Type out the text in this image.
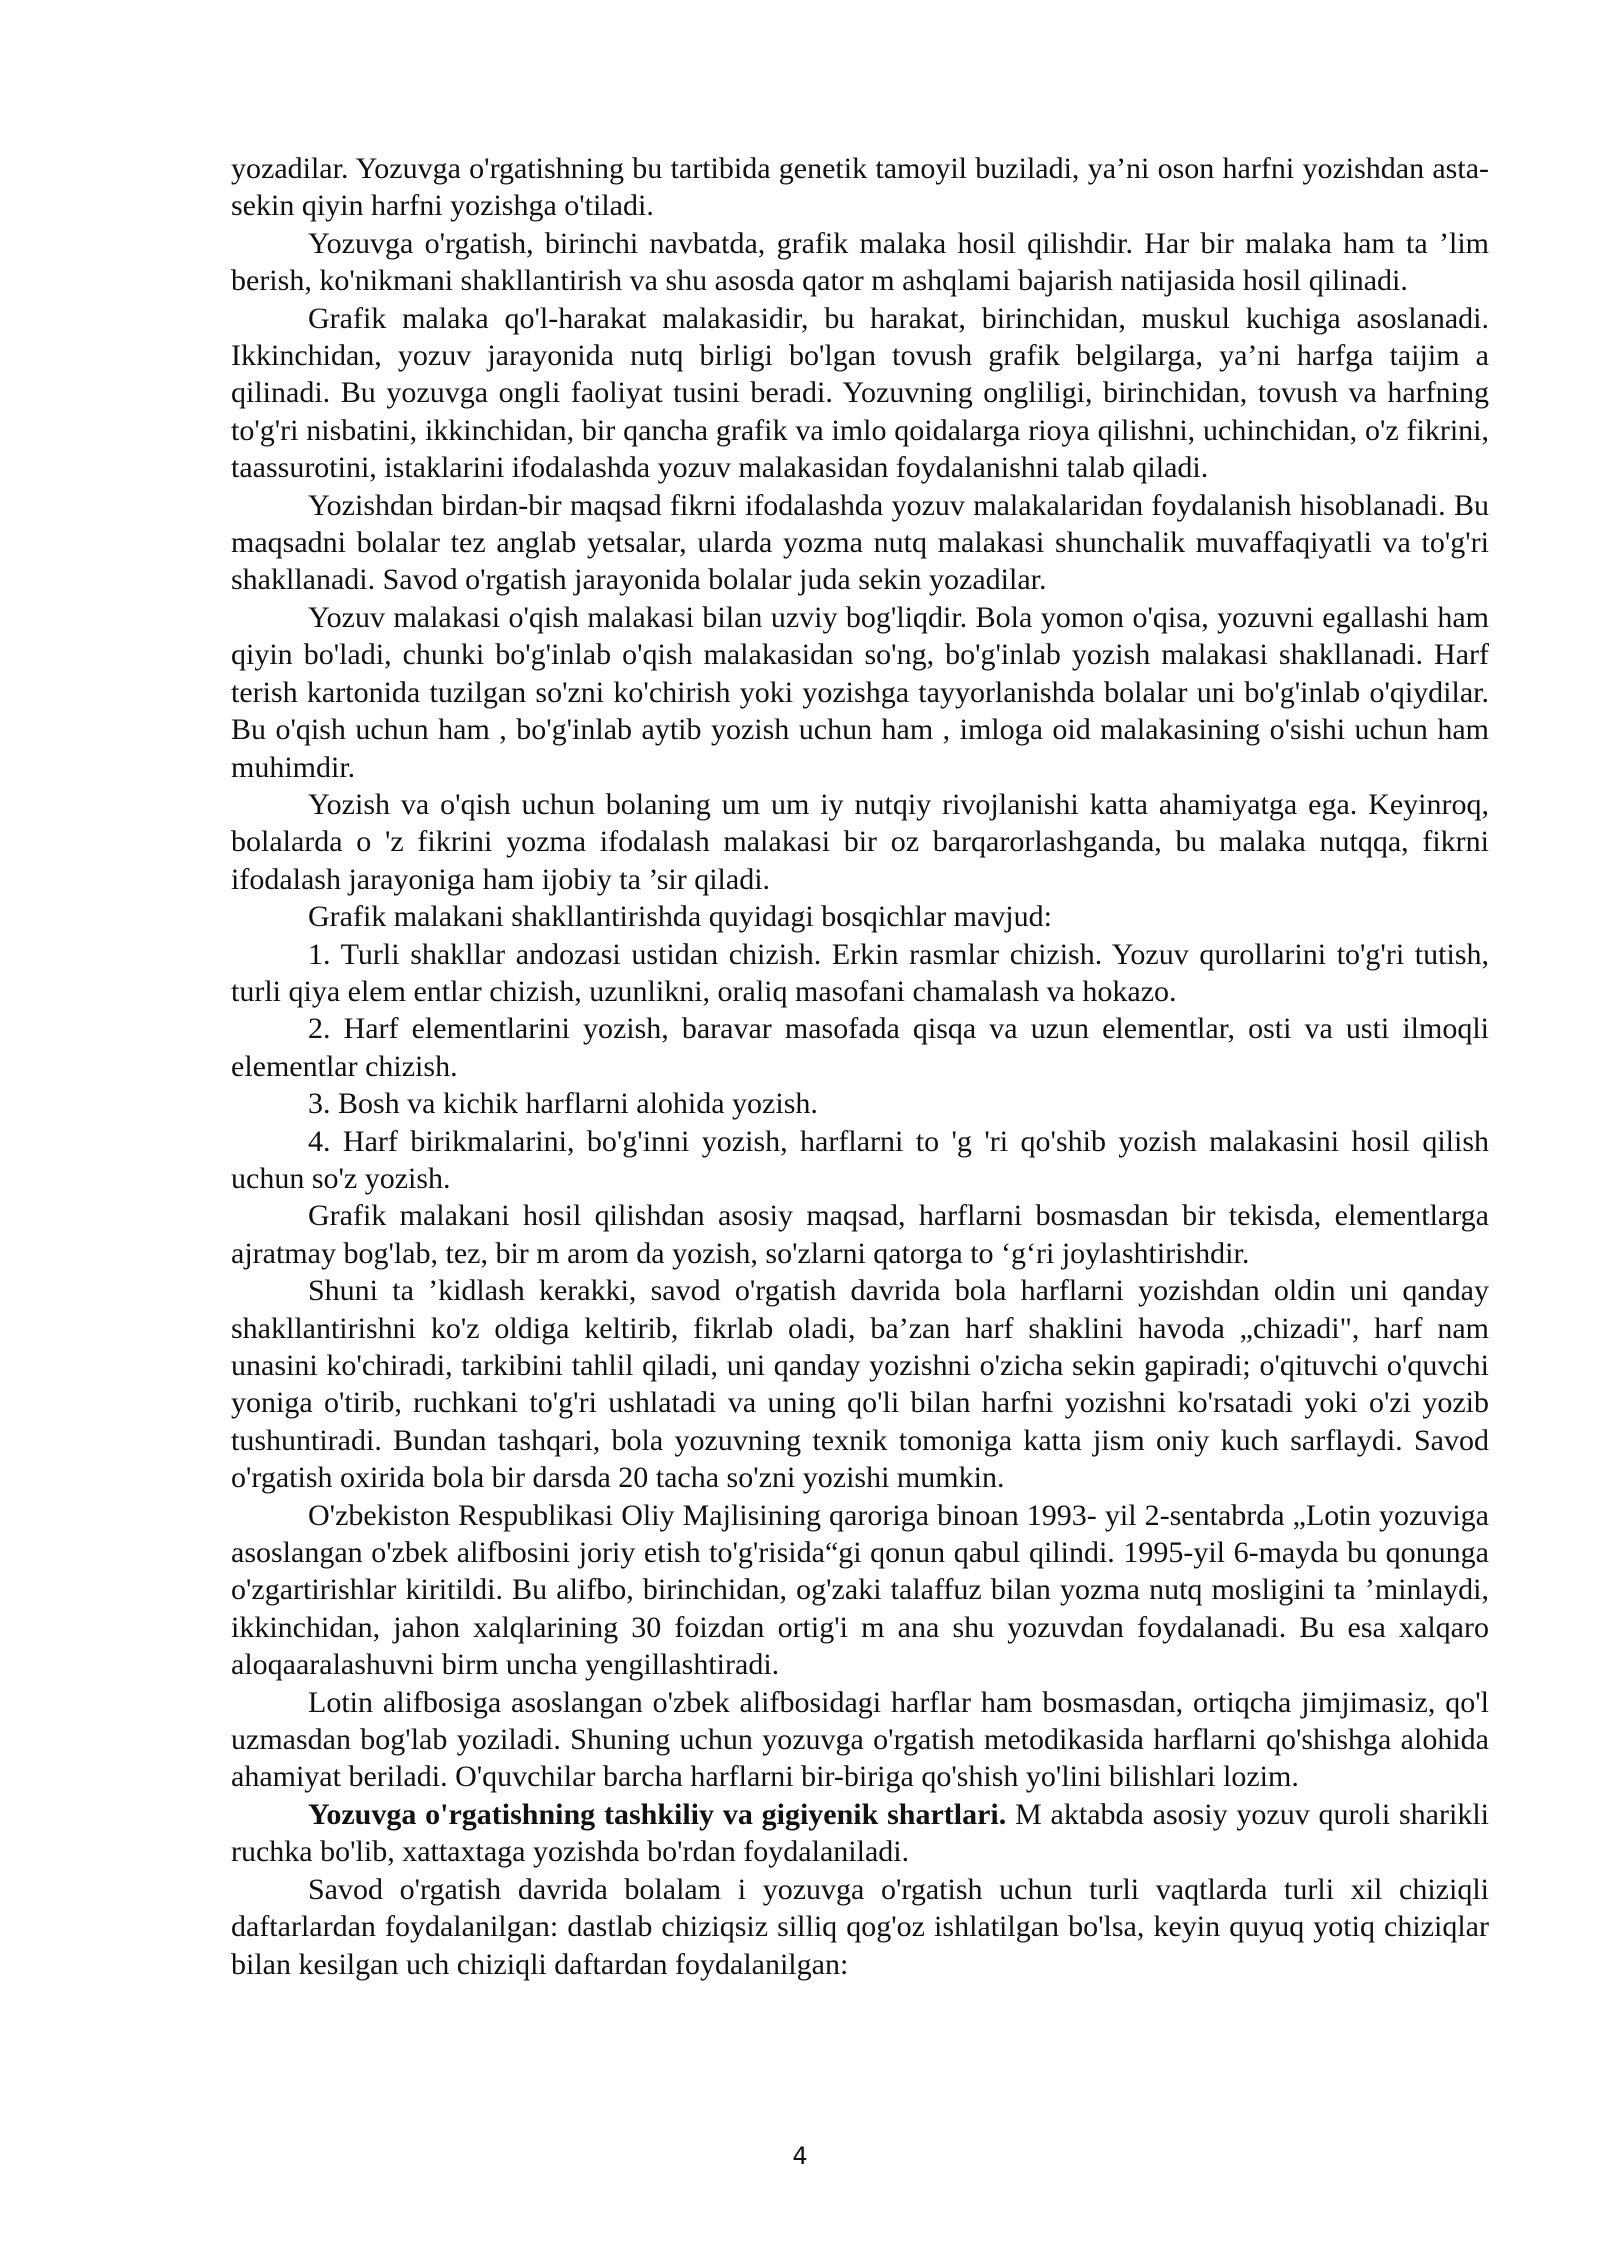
yozadilar. Yozuvga o'rgatishning bu tartibida genetik tamoyil buziladi, ya’ni oson harfni yozishdan asta-sekin qiyin harfni yozishga o'tiladi.

Yozuvga o'rgatish, birinchi navbatda, grafik malaka hosil qilishdir. Har bir malaka ham ta ’lim berish, ko'nikmani shakllantirish va shu asosda qator m ashqlami bajarish natijasida hosil qilinadi.

Grafik malaka qo'l-harakat malakasidir, bu harakat, birinchidan, muskul kuchiga asoslanadi. Ikkinchidan, yozuv jarayonida nutq birligi bo'lgan tovush grafik belgilarga, ya’ni harfga taijim a qilinadi. Bu yozuvga ongli faoliyat tusini beradi. Yozuvning ongliligi, birinchidan, tovush va harfning to'g'ri nisbatini, ikkinchidan, bir qancha grafik va imlo qoidalarga rioya qilishni, uchinchidan, o'z fikrini, taassurotini, istaklarini ifodalashda yozuv malakasidan foydalanishni talab qiladi.

Yozishdan birdan-bir maqsad fikrni ifodalashda yozuv malakalaridan foydalanish hisoblanadi. Bu maqsadni bolalar tez anglab yetsalar, ularda yozma nutq malakasi shunchalik muvaffaqiyatli va to'g'ri shakllanadi. Savod o'rgatish jarayonida bolalar juda sekin yozadilar.

Yozuv malakasi o'qish malakasi bilan uzviy bog'liqdir. Bola yomon o'qisa, yozuvni egallashi ham qiyin bo'ladi, chunki bo'g'inlab o'qish malakasidan so'ng, bo'g'inlab yozish malakasi shakllanadi. Harf terish kartonida tuzilgan so'zni ko'chirish yoki yozishga tayyorlanishda bolalar uni bo'g'inlab o'qiydilar. Bu o'qish uchun ham , bo'g'inlab aytib yozish uchun ham , imloga oid malakasining o'sishi uchun ham muhimdir.

Yozish va o'qish uchun bolaning um um iy nutqiy rivojlanishi katta ahamiyatga ega. Keyinroq, bolalarda o 'z fikrini yozma ifodalash malakasi bir oz barqarorlashganda, bu malaka nutqqa, fikrni ifodalash jarayoniga ham ijobiy ta ’sir qiladi.

Grafik malakani shakllantirishda quyidagi bosqichlar mavjud:

1. Turli shakllar andozasi ustidan chizish. Erkin rasmlar chizish. Yozuv qurollarini to'g'ri tutish, turli qiya elem entlar chizish, uzunlikni, oraliq masofani chamalash va hokazo.

2. Harf elementlarini yozish, baravar masofada qisqa va uzun elementlar, osti va usti ilmoqli elementlar chizish.

3. Bosh va kichik harflarni alohida yozish.

4. Harf birikmalarini, bo'g'inni yozish, harflarni to 'g 'ri qo'shib yozish malakasini hosil qilish uchun so'z yozish.

Grafik malakani hosil qilishdan asosiy maqsad, harflarni bosmasdan bir tekisda, elementlarga ajratmay bog'lab, tez, bir m arom da yozish, so'zlarni qatorga to ‘g‘ri joylashtirishdir.

Shuni ta ’kidlash kerakki, savod o'rgatish davrida bola harflarni yozishdan oldin uni qanday shakllantirishni ko'z oldiga keltirib, fikrlab oladi, ba’zan harf shaklini havoda „chizadi", harf nam unasini ko'chiradi, tarkibini tahlil qiladi, uni qanday yozishni o'zicha sekin gapiradi; o'qituvchi o'quvchi yoniga o'tirib, ruchkani to'g'ri ushlatadi va uning qo'li bilan harfni yozishni ko'rsatadi yoki o'zi yozib tushuntiradi. Bundan tashqari, bola yozuvning texnik tomoniga katta jism oniy kuch sarflaydi. Savod o'rgatish oxirida bola bir darsda 20 tacha so'zni yozishi mumkin.

O'zbekiston Respublikasi Oliy Majlisining qaroriga binoan 1993- yil 2-sentabrda „Lotin yozuviga asoslangan o'zbek alifbosini joriy etish to'g'risida“gi qonun qabul qilindi. 1995-yil 6-mayda bu qonunga o'zgartirishlar kiritildi. Bu alifbo, birinchidan, og'zaki talaffuz bilan yozma nutq mosligini ta ’minlaydi, ikkinchidan, jahon xalqlarining 30 foizdan ortig'i m ana shu yozuvdan foydalanadi. Bu esa xalqaro aloqaaralashuvni birm uncha yengillashtiradi.

Lotin alifbosiga asoslangan o'zbek alifbosidagi harflar ham bosmasdan, ortiqcha jimjimasiz, qo'l uzmasdan bog'lab yoziladi. Shuning uchun yozuvga o'rgatish metodikasida harflarni qo'shishga alohida ahamiyat beriladi. O'quvchilar barcha harflarni bir-biriga qo'shish yo'lini bilishlari lozim.

Yozuvga o'rgatishning tashkiliy va gigiyenik shartlari. M aktabda asosiy yozuv quroli sharikli ruchka bo'lib, xattaxtaga yozishda bo'rdan foydalaniladi.

Savod o'rgatish davrida bolalam i yozuvga o'rgatish uchun turli vaqtlarda turli xil chiziqli daftarlardan foydalanilgan: dastlab chiziqsiz silliq qog'oz ishlatilgan bo'lsa, keyin quyuq yotiq chiziqlar bilan kesilgan uch chiziqli daftardan foydalanilgan:

4
